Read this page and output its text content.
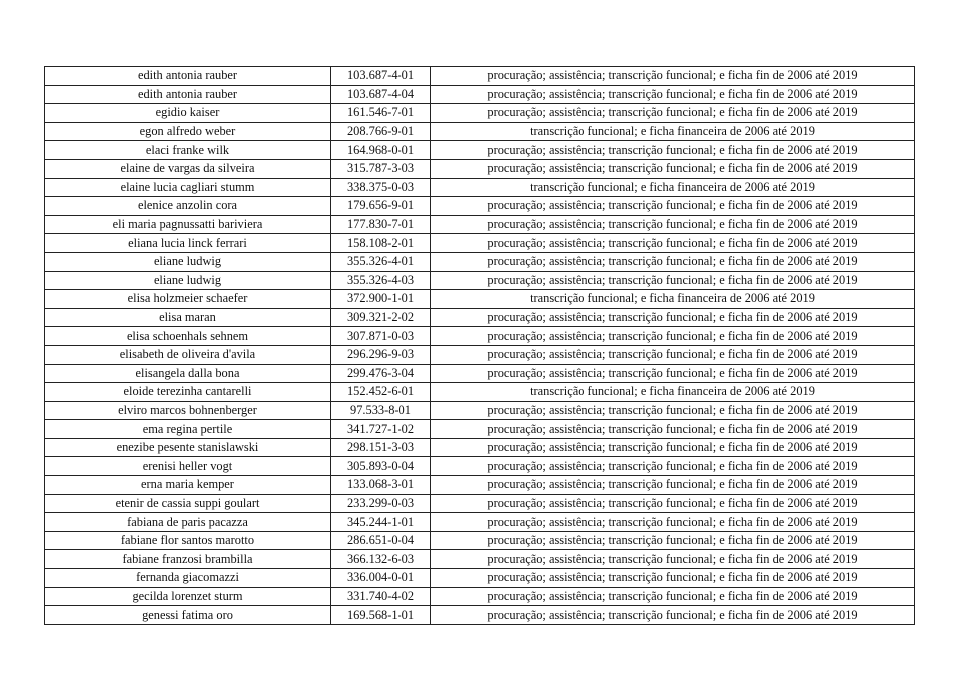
edith antonia rauber	103.687-4-01	procuração; assistência; transcrição funcional; e ficha fin de 2006 até 2019
edith antonia rauber	103.687-4-04	procuração; assistência; transcrição funcional; e ficha fin de 2006 até 2019
egidio kaiser	161.546-7-01	procuração; assistência; transcrição funcional; e ficha fin de 2006 até 2019
egon alfredo weber	208.766-9-01	transcrição funcional; e ficha financeira de 2006 até 2019
elaci franke wilk	164.968-0-01	procuração; assistência; transcrição funcional; e ficha fin de 2006 até 2019
elaine de vargas da silveira	315.787-3-03	procuração; assistência; transcrição funcional; e ficha fin de 2006 até 2019
elaine lucia cagliari stumm	338.375-0-03	transcrição funcional; e ficha financeira de 2006 até 2019
elenice anzolin cora	179.656-9-01	procuração; assistência; transcrição funcional; e ficha fin de 2006 até 2019
eli maria pagnussatti bariviera	177.830-7-01	procuração; assistência; transcrição funcional; e ficha fin de 2006 até 2019
eliana lucia linck ferrari	158.108-2-01	procuração; assistência; transcrição funcional; e ficha fin de 2006 até 2019
eliane ludwig	355.326-4-01	procuração; assistência; transcrição funcional; e ficha fin de 2006 até 2019
eliane ludwig	355.326-4-03	procuração; assistência; transcrição funcional; e ficha fin de 2006 até 2019
elisa holzmeier schaefer	372.900-1-01	transcrição funcional; e ficha financeira de 2006 até 2019
elisa maran	309.321-2-02	procuração; assistência; transcrição funcional; e ficha fin de 2006 até 2019
elisa schoenhals sehnem	307.871-0-03	procuração; assistência; transcrição funcional; e ficha fin de 2006 até 2019
elisabeth de oliveira d'avila	296.296-9-03	procuração; assistência; transcrição funcional; e ficha fin de 2006 até 2019
elisangela dalla bona	299.476-3-04	procuração; assistência; transcrição funcional; e ficha fin de 2006 até 2019
eloide terezinha cantarelli	152.452-6-01	transcrição funcional; e ficha financeira de 2006 até 2019
elviro marcos bohnenberger	97.533-8-01	procuração; assistência; transcrição funcional; e ficha fin de 2006 até 2019
ema regina pertile	341.727-1-02	procuração; assistência; transcrição funcional; e ficha fin de 2006 até 2019
enezibe pesente stanislawski	298.151-3-03	procuração; assistência; transcrição funcional; e ficha fin de 2006 até 2019
erenisi heller vogt	305.893-0-04	procuração; assistência; transcrição funcional; e ficha fin de 2006 até 2019
erna maria kemper	133.068-3-01	procuração; assistência; transcrição funcional; e ficha fin de 2006 até 2019
etenir de cassia suppi goulart	233.299-0-03	procuração; assistência; transcrição funcional; e ficha fin de 2006 até 2019
fabiana de paris pacazza	345.244-1-01	procuração; assistência; transcrição funcional; e ficha fin de 2006 até 2019
fabiane flor santos marotto	286.651-0-04	procuração; assistência; transcrição funcional; e ficha fin de 2006 até 2019
fabiane franzosi brambilla	366.132-6-03	procuração; assistência; transcrição funcional; e ficha fin de 2006 até 2019
fernanda giacomazzi	336.004-0-01	procuração; assistência; transcrição funcional; e ficha fin de 2006 até 2019
gecilda lorenzet sturm	331.740-4-02	procuração; assistência; transcrição funcional; e ficha fin de 2006 até 2019
genessi fatima oro	169.568-1-01	procuração; assistência; transcrição funcional; e ficha fin de 2006 até 2019
